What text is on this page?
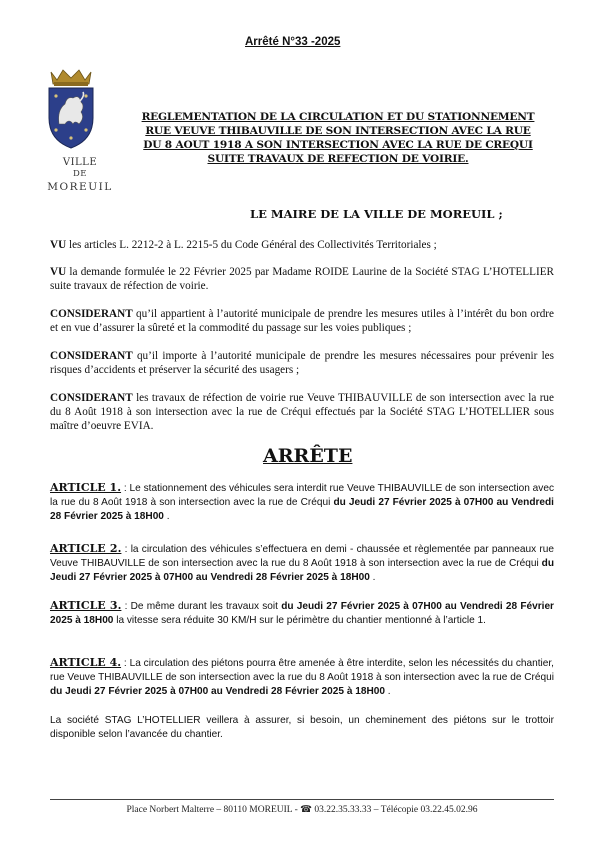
Arrêté N°33 -2025
VILLE
DE
MOREUIL
REGLEMENTATION DE LA CIRCULATION ET DU STATIONNEMENT
RUE VEUVE THIBAUVILLE DE SON INTERSECTION AVEC LA RUE
DU 8 AOUT 1918 A SON INTERSECTION AVEC LA RUE DE CREQUI
SUITE TRAVAUX DE REFECTION DE VOIRIE.
LE MAIRE DE LA VILLE DE MOREUIL ;
VU les articles L. 2212-2 à L. 2215-5 du Code Général des Collectivités Territoriales ;
VU la demande formulée le 22 Février 2025 par Madame ROIDE Laurine de la Société STAG L’HOTELLIER suite travaux de réfection de voirie.
CONSIDERANT qu’il appartient à l’autorité municipale de prendre les mesures utiles à l’intérêt du bon ordre et en vue d’assurer la sûreté et la commodité du passage sur les voies publiques ;
CONSIDERANT qu’il importe à l’autorité municipale de prendre les mesures nécessaires pour prévenir les risques d’accidents et préserver la sécurité des usagers ;
CONSIDERANT les travaux de réfection de voirie rue Veuve THIBAUVILLE de son intersection avec la rue du 8 Août 1918 à son intersection avec la rue de Créqui effectués par la Société STAG L’HOTELLIER sous maître d’oeuvre EVIA.
ARRÊTE
ARTICLE 1. : Le stationnement des véhicules sera interdit rue Veuve THIBAUVILLE de son intersection avec la rue du 8 Août 1918 à son intersection avec la rue de Créqui du Jeudi 27 Février 2025 à 07H00 au Vendredi 28 Février 2025 à 18H00 .
ARTICLE 2. : la circulation des véhicules s’effectuera en demi - chaussée et règlementée par panneaux rue Veuve THIBAUVILLE de son intersection avec la rue du 8 Août 1918 à son intersection avec la rue de Créqui du Jeudi 27 Février 2025 à 07H00 au Vendredi 28 Février 2025 à 18H00 .
ARTICLE 3. : De même durant les travaux soit du Jeudi 27 Février 2025 à 07H00 au Vendredi 28 Février 2025 à 18H00 la vitesse sera réduite 30 KM/H sur le périmètre du chantier mentionné à l’article 1.
ARTICLE 4. : La circulation des piétons pourra être amenée à être interdite, selon les nécessités du chantier, rue Veuve THIBAUVILLE de son intersection avec la rue du 8 Août 1918 à son intersection avec la rue de Créqui du Jeudi 27 Février 2025 à 07H00 au Vendredi 28 Février 2025 à 18H00 .
La société STAG L’HOTELLIER veillera à assurer, si besoin, un cheminement des piétons sur le trottoir disponible selon l’avancée du chantier.
Place Norbert Malterre – 80110 MOREUIL - ☎ 03.22.35.33.33 – Télécopie 03.22.45.02.96
